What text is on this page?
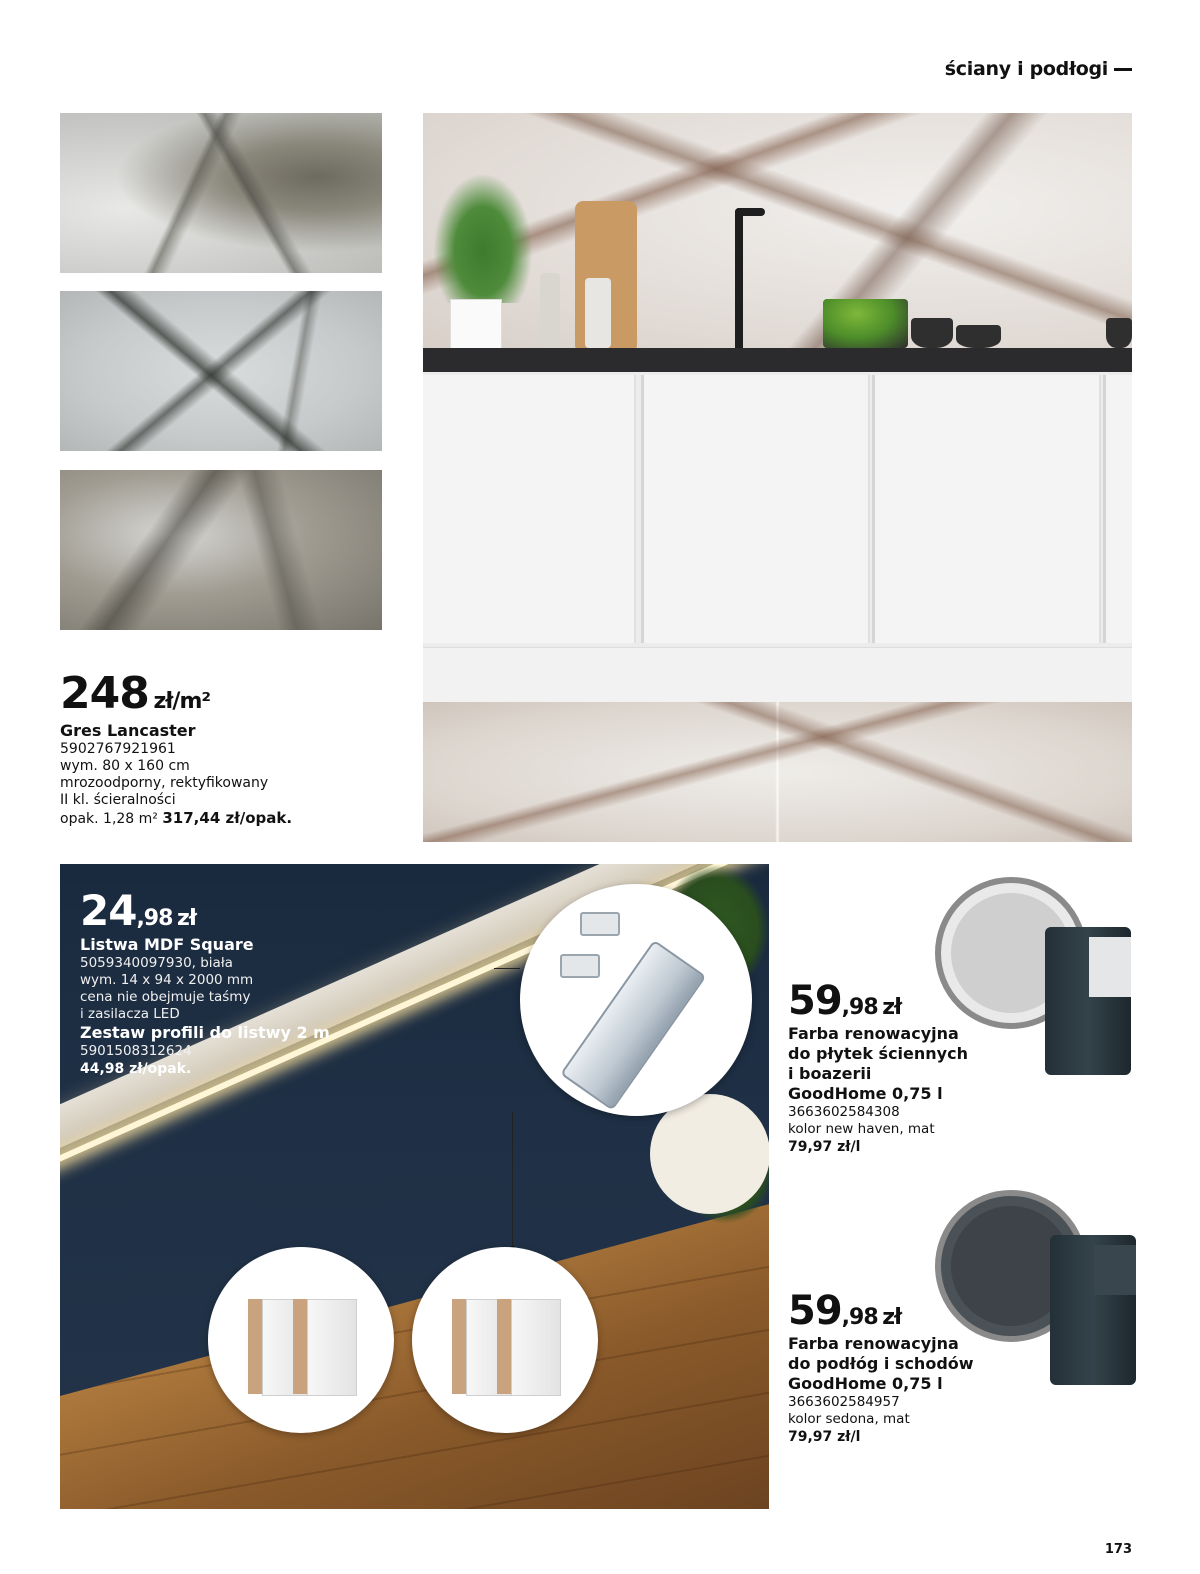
ściany i podłogi
248 zł/m²
Gres Lancaster
5902767921961
wym. 80 x 160 cm
mrozoodporny, rektyfikowany
II kl. ścieralności
opak. 1,28 m² 317,44 zł/opak.
24,98 zł
Listwa MDF Square
5059340097930, biała
wym. 14 x 94 x 2000 mm
cena nie obejmuje taśmy
i zasilacza LED
Zestaw profili do listwy 2 m
5901508312624
44,98 zł/opak.
59,98 zł
Farba renowacyjna
do płytek ściennych
i boazerii
GoodHome 0,75 l
3663602584308
kolor new haven, mat
79,97 zł/l
59,98 zł
Farba renowacyjna
do podłóg i schodów
GoodHome 0,75 l
3663602584957
kolor sedona, mat
79,97 zł/l
173
